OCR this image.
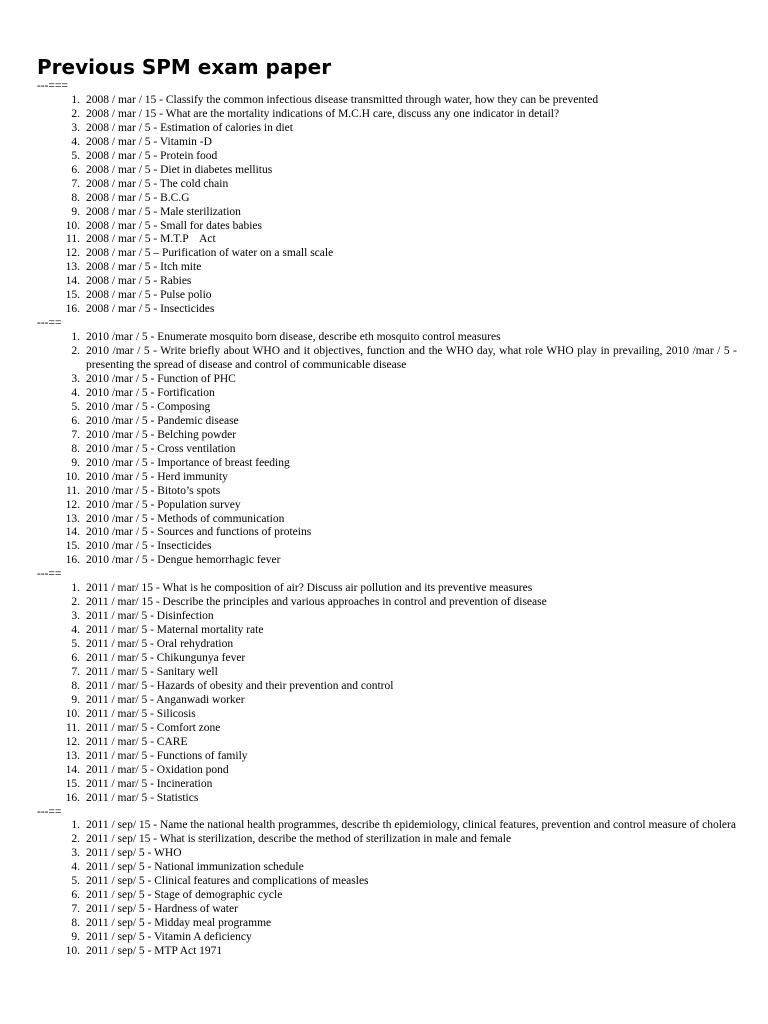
Previous SPM exam paper
---===
1. 2008 / mar / 15 - Classify the common infectious disease transmitted through water, how they can be prevented
2. 2008 / mar / 15 - What are the mortality indications of M.C.H care, discuss any one indicator in detail?
3. 2008 / mar / 5 - Estimation of calories in diet
4. 2008 / mar / 5 - Vitamin -D
5. 2008 / mar / 5 - Protein food
6. 2008 / mar / 5 - Diet in diabetes mellitus
7. 2008 / mar / 5 - The cold chain
8. 2008 / mar / 5 - B.C.G
9. 2008 / mar / 5 - Male sterilization
10. 2008 / mar / 5 - Small for dates babies
11. 2008 / mar / 5 - M.T.P    Act
12. 2008 / mar / 5 – Purification of water on a small scale
13. 2008 / mar / 5 - Itch mite
14. 2008 / mar / 5 - Rabies
15. 2008 / mar / 5 - Pulse polio
16. 2008 / mar / 5 - Insecticides
---==
1. 2010 /mar / 5 - Enumerate mosquito born disease, describe eth mosquito control measures
2. 2010 /mar / 5 - Write briefly about WHO and it objectives, function and the WHO day, what role WHO play in prevailing, 2010 /mar / 5 - presenting the spread of disease and control of communicable disease
3. 2010 /mar / 5 - Function of PHC
4. 2010 /mar / 5 - Fortification
5. 2010 /mar / 5 - Composing
6. 2010 /mar / 5 - Pandemic disease
7. 2010 /mar / 5 - Belching powder
8. 2010 /mar / 5 - Cross ventilation
9. 2010 /mar / 5 - Importance of breast feeding
10. 2010 /mar / 5 - Herd immunity
11. 2010 /mar / 5 - Bitoto’s spots
12. 2010 /mar / 5 - Population survey
13. 2010 /mar / 5 - Methods of communication
14. 2010 /mar / 5 - Sources and functions of proteins
15. 2010 /mar / 5 - Insecticides
16. 2010 /mar / 5 - Dengue hemorrhagic fever
---==
1. 2011 / mar/ 15 - What is he composition of air? Discuss air pollution and its preventive measures
2. 2011 / mar/ 15 - Describe the principles and various approaches in control and prevention of disease
3. 2011 / mar/ 5 - Disinfection
4. 2011 / mar/ 5 - Maternal mortality rate
5. 2011 / mar/ 5 - Oral rehydration
6. 2011 / mar/ 5 - Chikungunya fever
7. 2011 / mar/ 5 - Sanitary well
8. 2011 / mar/ 5 - Hazards of obesity and their prevention and control
9. 2011 / mar/ 5 - Anganwadi worker
10. 2011 / mar/ 5 - Silicosis
11. 2011 / mar/ 5 - Comfort zone
12. 2011 / mar/ 5 - CARE
13. 2011 / mar/ 5 - Functions of family
14. 2011 / mar/ 5 - Oxidation pond
15. 2011 / mar/ 5 - Incineration
16. 2011 / mar/ 5 - Statistics
---==
1. 2011 / sep/ 15 - Name the national health programmes, describe th epidemiology, clinical features, prevention and control measure of cholera
2. 2011 / sep/ 15 - What is sterilization, describe the method of sterilization in male and female
3. 2011 / sep/ 5 - WHO
4. 2011 / sep/ 5 - National immunization schedule
5. 2011 / sep/ 5 - Clinical features and complications of measles
6. 2011 / sep/ 5 - Stage of demographic cycle
7. 2011 / sep/ 5 - Hardness of water
8. 2011 / sep/ 5 - Midday meal programme
9. 2011 / sep/ 5 - Vitamin A deficiency
10. 2011 / sep/ 5 - MTP Act 1971
